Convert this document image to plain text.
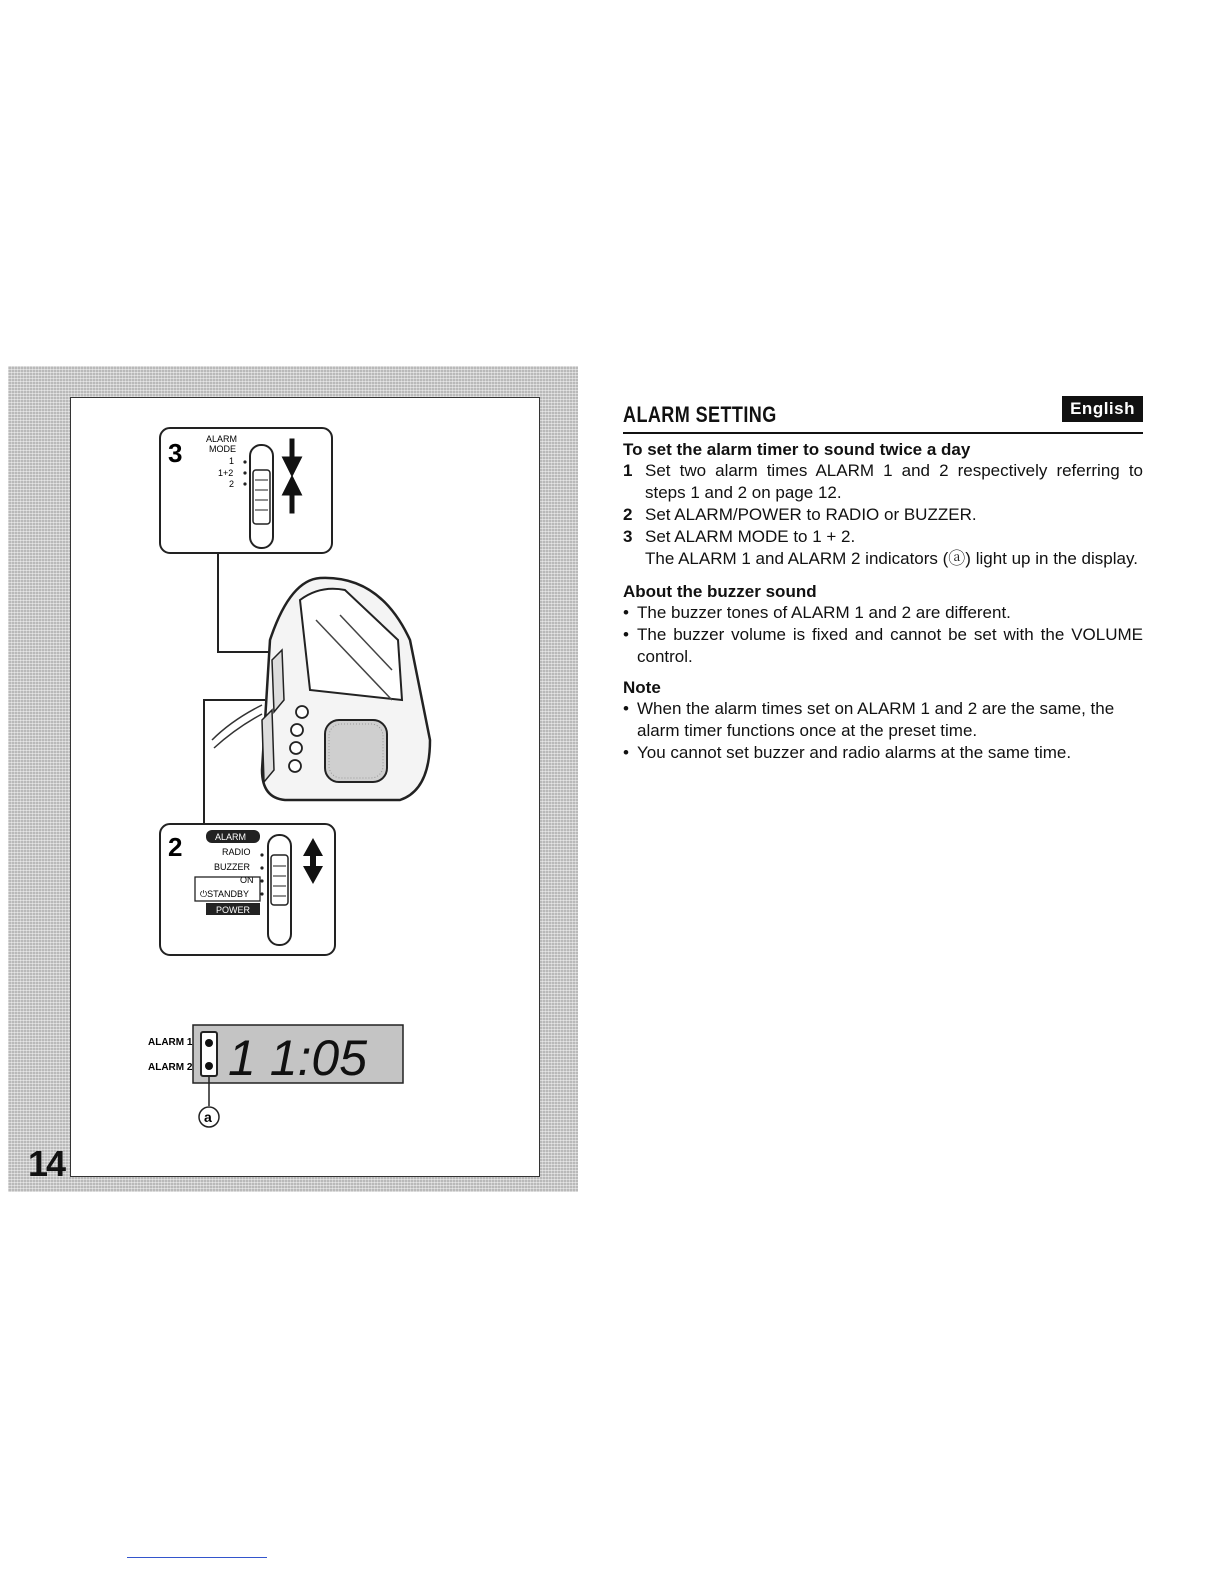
3	ALARM
MODE
1
1+2
2
2	ALARM
RADIO
BUZZER
ON
⏻STANDBY
POWER
ALARM 1
ALARM 2 1 1:05
a
14
ALARM SETTING	English
To set the alarm timer to sound twice a day
1 Set two alarm times ALARM 1 and 2 respectively referring to steps 1 and 2 on page 12.
2 Set ALARM/POWER to RADIO or BUZZER.
3 Set ALARM MODE to 1 + 2.
The ALARM 1 and ALARM 2 indicators (ⓐ) light up in the display.
About the buzzer sound
• The buzzer tones of ALARM 1 and 2 are different.
• The buzzer volume is fixed and cannot be set with the VOLUME control.
Note
• When the alarm times set on ALARM 1 and 2 are the same, the alarm timer functions once at the preset time.
• You cannot set buzzer and radio alarms at the same time.
